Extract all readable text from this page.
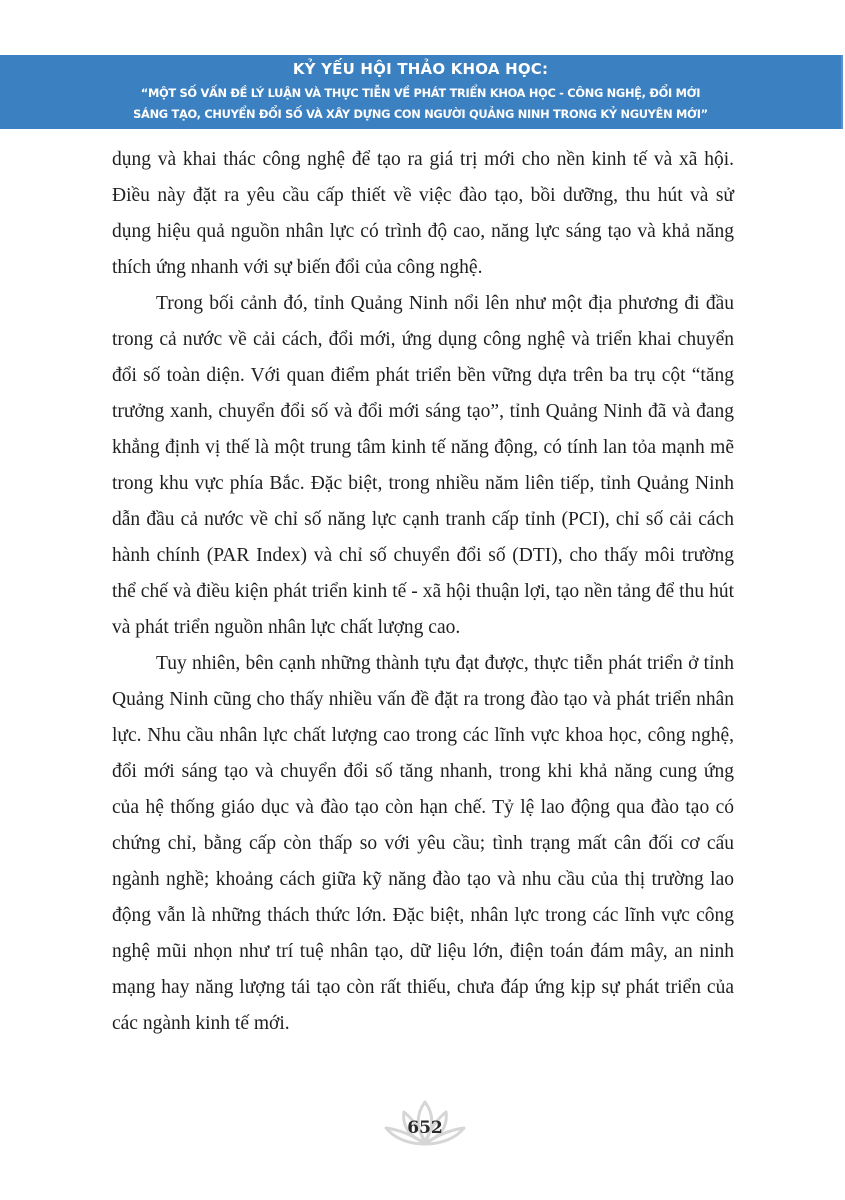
KỶ YẾU HỘI THẢO KHOA HỌC:
“MỘT SỐ VẤN ĐỀ LÝ LUẬN VÀ THỰC TIỄN VỀ PHÁT TRIỂN KHOA HỌC - CÔNG NGHỆ, ĐỔI MỚI
SÁNG TẠO, CHUYỂN ĐỔI SỐ VÀ XÂY DỰNG CON NGƯỜI QUẢNG NINH TRONG KỶ NGUYÊN MỚI”

dụng và khai thác công nghệ để tạo ra giá trị mới cho nền kinh tế và xã hội. Điều này đặt ra yêu cầu cấp thiết về việc đào tạo, bồi dưỡng, thu hút và sử dụng hiệu quả nguồn nhân lực có trình độ cao, năng lực sáng tạo và khả năng thích ứng nhanh với sự biến đổi của công nghệ.

Trong bối cảnh đó, tỉnh Quảng Ninh nổi lên như một địa phương đi đầu trong cả nước về cải cách, đổi mới, ứng dụng công nghệ và triển khai chuyển đổi số toàn diện. Với quan điểm phát triển bền vững dựa trên ba trụ cột “tăng trưởng xanh, chuyển đổi số và đổi mới sáng tạo”, tỉnh Quảng Ninh đã và đang khẳng định vị thế là một trung tâm kinh tế năng động, có tính lan tỏa mạnh mẽ trong khu vực phía Bắc. Đặc biệt, trong nhiều năm liên tiếp, tỉnh Quảng Ninh dẫn đầu cả nước về chỉ số năng lực cạnh tranh cấp tỉnh (PCI), chỉ số cải cách hành chính (PAR Index) và chỉ số chuyển đổi số (DTI), cho thấy môi trường thể chế và điều kiện phát triển kinh tế - xã hội thuận lợi, tạo nền tảng để thu hút và phát triển nguồn nhân lực chất lượng cao.

Tuy nhiên, bên cạnh những thành tựu đạt được, thực tiễn phát triển ở tỉnh Quảng Ninh cũng cho thấy nhiều vấn đề đặt ra trong đào tạo và phát triển nhân lực. Nhu cầu nhân lực chất lượng cao trong các lĩnh vực khoa học, công nghệ, đổi mới sáng tạo và chuyển đổi số tăng nhanh, trong khi khả năng cung ứng của hệ thống giáo dục và đào tạo còn hạn chế. Tỷ lệ lao động qua đào tạo có chứng chỉ, bằng cấp còn thấp so với yêu cầu; tình trạng mất cân đối cơ cấu ngành nghề; khoảng cách giữa kỹ năng đào tạo và nhu cầu của thị trường lao động vẫn là những thách thức lớn. Đặc biệt, nhân lực trong các lĩnh vực công nghệ mũi nhọn như trí tuệ nhân tạo, dữ liệu lớn, điện toán đám mây, an ninh mạng hay năng lượng tái tạo còn rất thiếu, chưa đáp ứng kịp sự phát triển của các ngành kinh tế mới.

652
